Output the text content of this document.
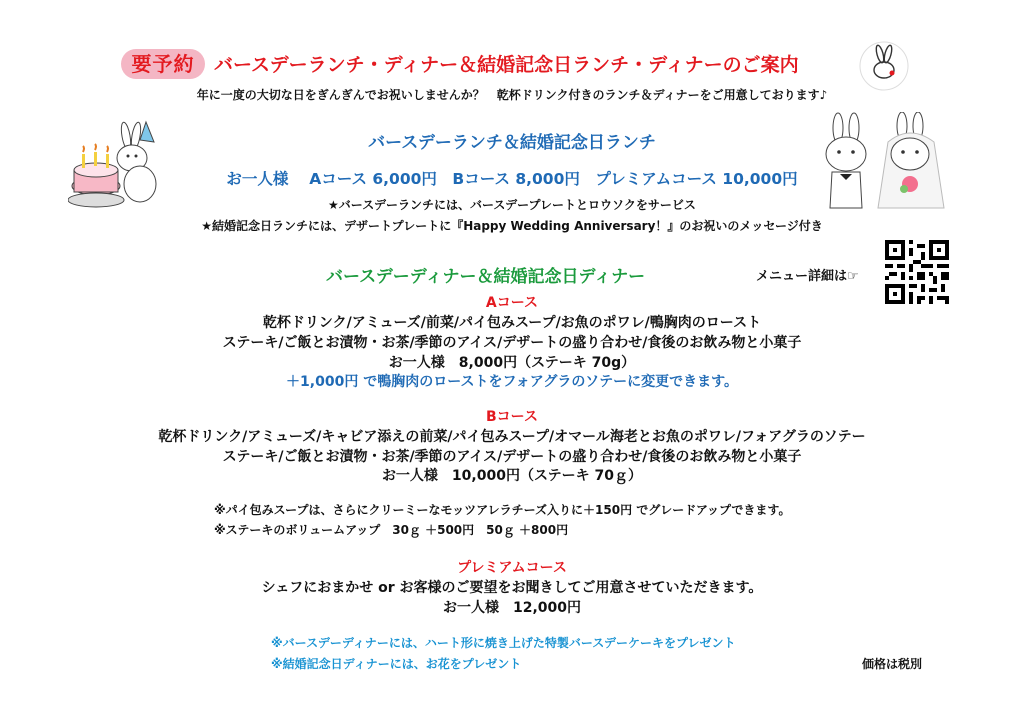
要予約	バースデーランチ・ディナー＆結婚記念日ランチ・ディナーのご案内
年に一度の大切な日をぎんぎんでお祝いしませんか？　乾杯ドリンク付きのランチ＆ディナーをご用意しております♪
バースデーランチ＆結婚記念日ランチ
お一人様　 Aコース 6,000円　Bコース 8,000円　プレミアムコース 10,000円
★バースデーランチには、バースデープレートとロウソクをサービス
★結婚記念日ランチには、デザートプレートに『Happy Wedding Anniversary！』のお祝いのメッセージ付き
バースデーディナー＆結婚記念日ディナー	メニュー詳細は☞
Aコース
乾杯ドリンク/アミューズ/前菜/パイ包みスープ/お魚のポワレ/鴨胸肉のロースト
ステーキ/ご飯とお漬物・お茶/季節のアイス/デザートの盛り合わせ/食後のお飲み物と小菓子
お一人様　8,000円（ステーキ 70g）
＋1,000円 で鴨胸肉のローストをフォアグラのソテーに変更できます。
Bコース
乾杯ドリンク/アミューズ/キャビア添えの前菜/パイ包みスープ/オマール海老とお魚のポワレ/フォアグラのソテー
ステーキ/ご飯とお漬物・お茶/季節のアイス/デザートの盛り合わせ/食後のお飲み物と小菓子
お一人様　10,000円（ステーキ 70ｇ）
※パイ包みスープは、さらにクリーミーなモッツアレラチーズ入りに＋150円 でグレードアップできます。
※ステーキのボリュームアップ　30ｇ ＋500円　50ｇ ＋800円
プレミアムコース
シェフにおまかせ or お客様のご要望をお聞きしてご用意させていただきます。
お一人様　12,000円
※バースデーディナーには、ハート形に焼き上げた特製バースデーケーキをプレゼント
※結婚記念日ディナーには、お花をプレゼント	価格は税別
